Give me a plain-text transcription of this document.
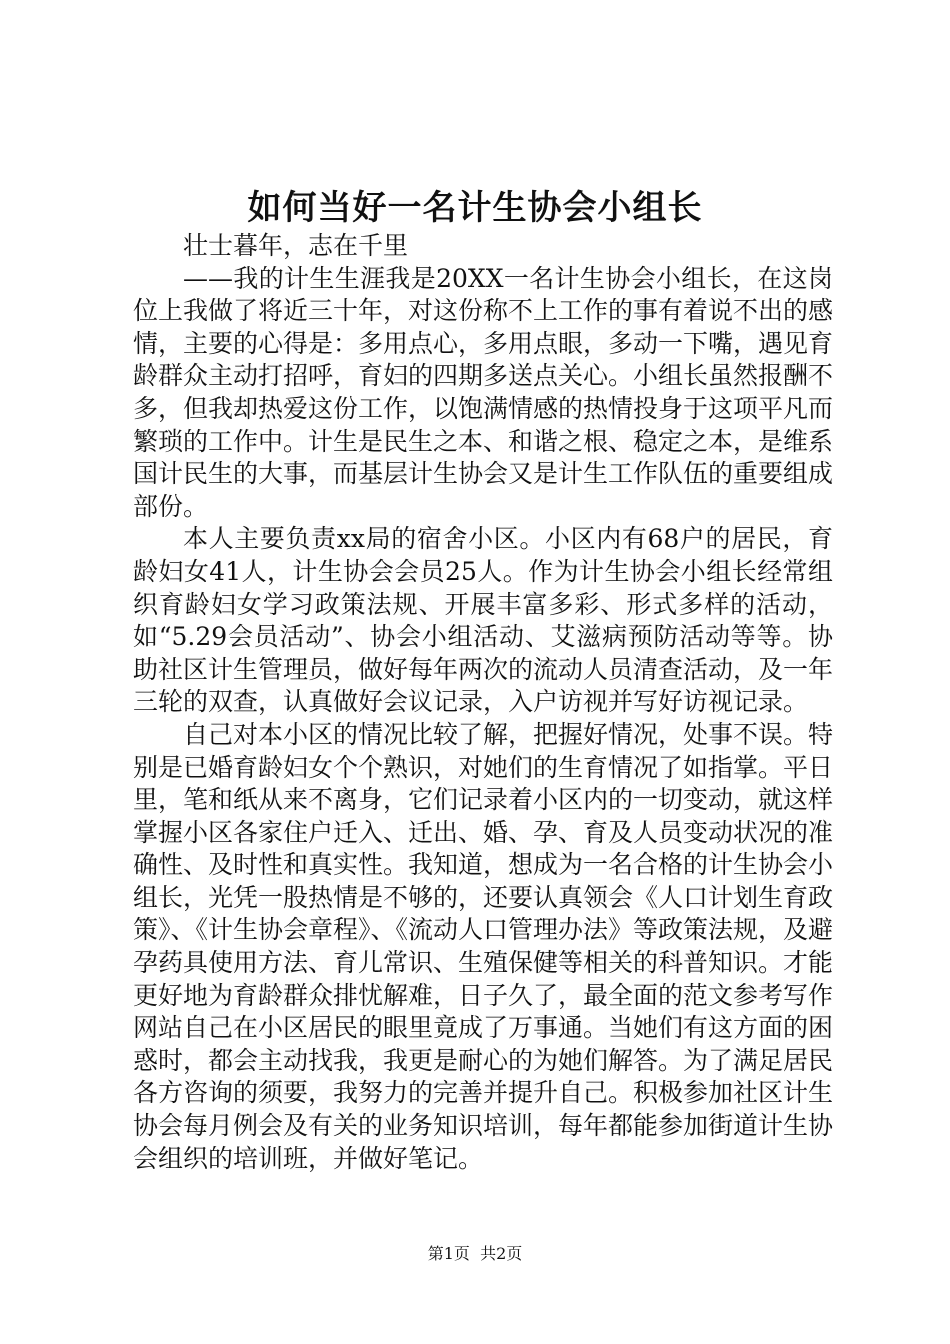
如何当好一名计生协会小组长

壮士暮年，志在千里

——我的计生生涯我是20XX一名计生协会小组长，在这岗位上我做了将近三十年，对这份称不上工作的事有着说不出的感情，主要的心得是：多用点心，多用点眼，多动一下嘴，遇见育龄群众主动打招呼，育妇的四期多送点关心。小组长虽然报酬不多，但我却热爱这份工作，以饱满情感的热情投身于这项平凡而繁琐的工作中。计生是民生之本、和谐之根、稳定之本，是维系国计民生的大事，而基层计生协会又是计生工作队伍的重要组成部份。

本人主要负责xx局的宿舍小区。小区内有68户的居民，育龄妇女41人，计生协会会员25人。作为计生协会小组长经常组织育龄妇女学习政策法规、开展丰富多彩、形式多样的活动，如“5.29会员活动”、协会小组活动、艾滋病预防活动等等。协助社区计生管理员，做好每年两次的流动人员清查活动，及一年三轮的双查，认真做好会议记录，入户访视并写好访视记录。

自己对本小区的情况比较了解，把握好情况，处事不误。特别是已婚育龄妇女个个熟识，对她们的生育情况了如指掌。平日里，笔和纸从来不离身，它们记录着小区内的一切变动，就这样掌握小区各家住户迁入、迁出、婚、孕、育及人员变动状况的准确性、及时性和真实性。我知道，想成为一名合格的计生协会小组长，光凭一股热情是不够的，还要认真领会《人口计划生育政策》、《计生协会章程》、《流动人口管理办法》等政策法规，及避孕药具使用方法、育儿常识、生殖保健等相关的科普知识。才能更好地为育龄群众排忧解难，日子久了，最全面的范文参考写作网站自己在小区居民的眼里竟成了万事通。当她们有这方面的困惑时，都会主动找我，我更是耐心的为她们解答。为了满足居民各方咨询的须要，我努力的完善并提升自己。积极参加社区计生协会每月例会及有关的业务知识培训，每年都能参加街道计生协会组织的培训班，并做好笔记。

第1页 共2页
